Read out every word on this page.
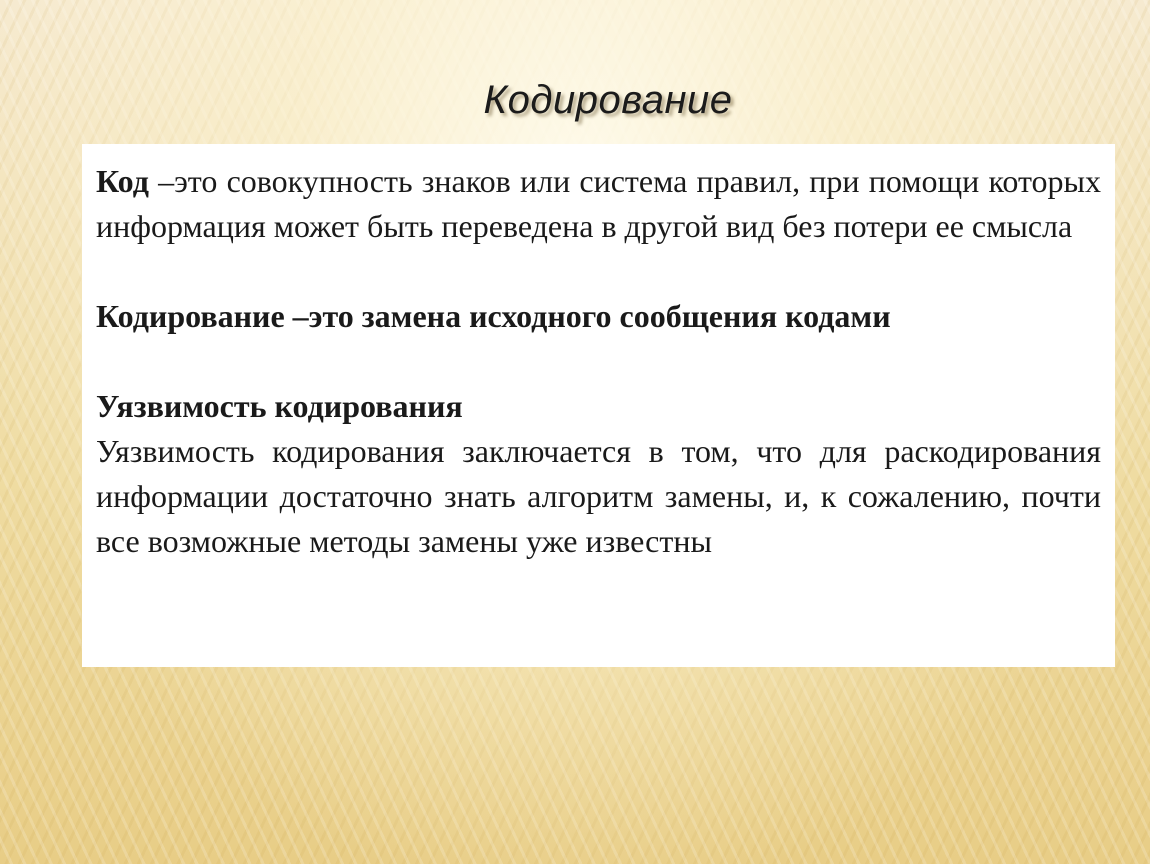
Кодирование

Код –это совокупность знаков или система правил, при помощи которых информация может быть переведена в другой вид без потери ее смысла

Кодирование –это замена исходного сообщения кодами

Уязвимость кодирования

Уязвимость кодирования заключается в том, что для раскодирования информации достаточно знать алгоритм замены, и, к сожалению, почти все возможные методы замены уже известны
